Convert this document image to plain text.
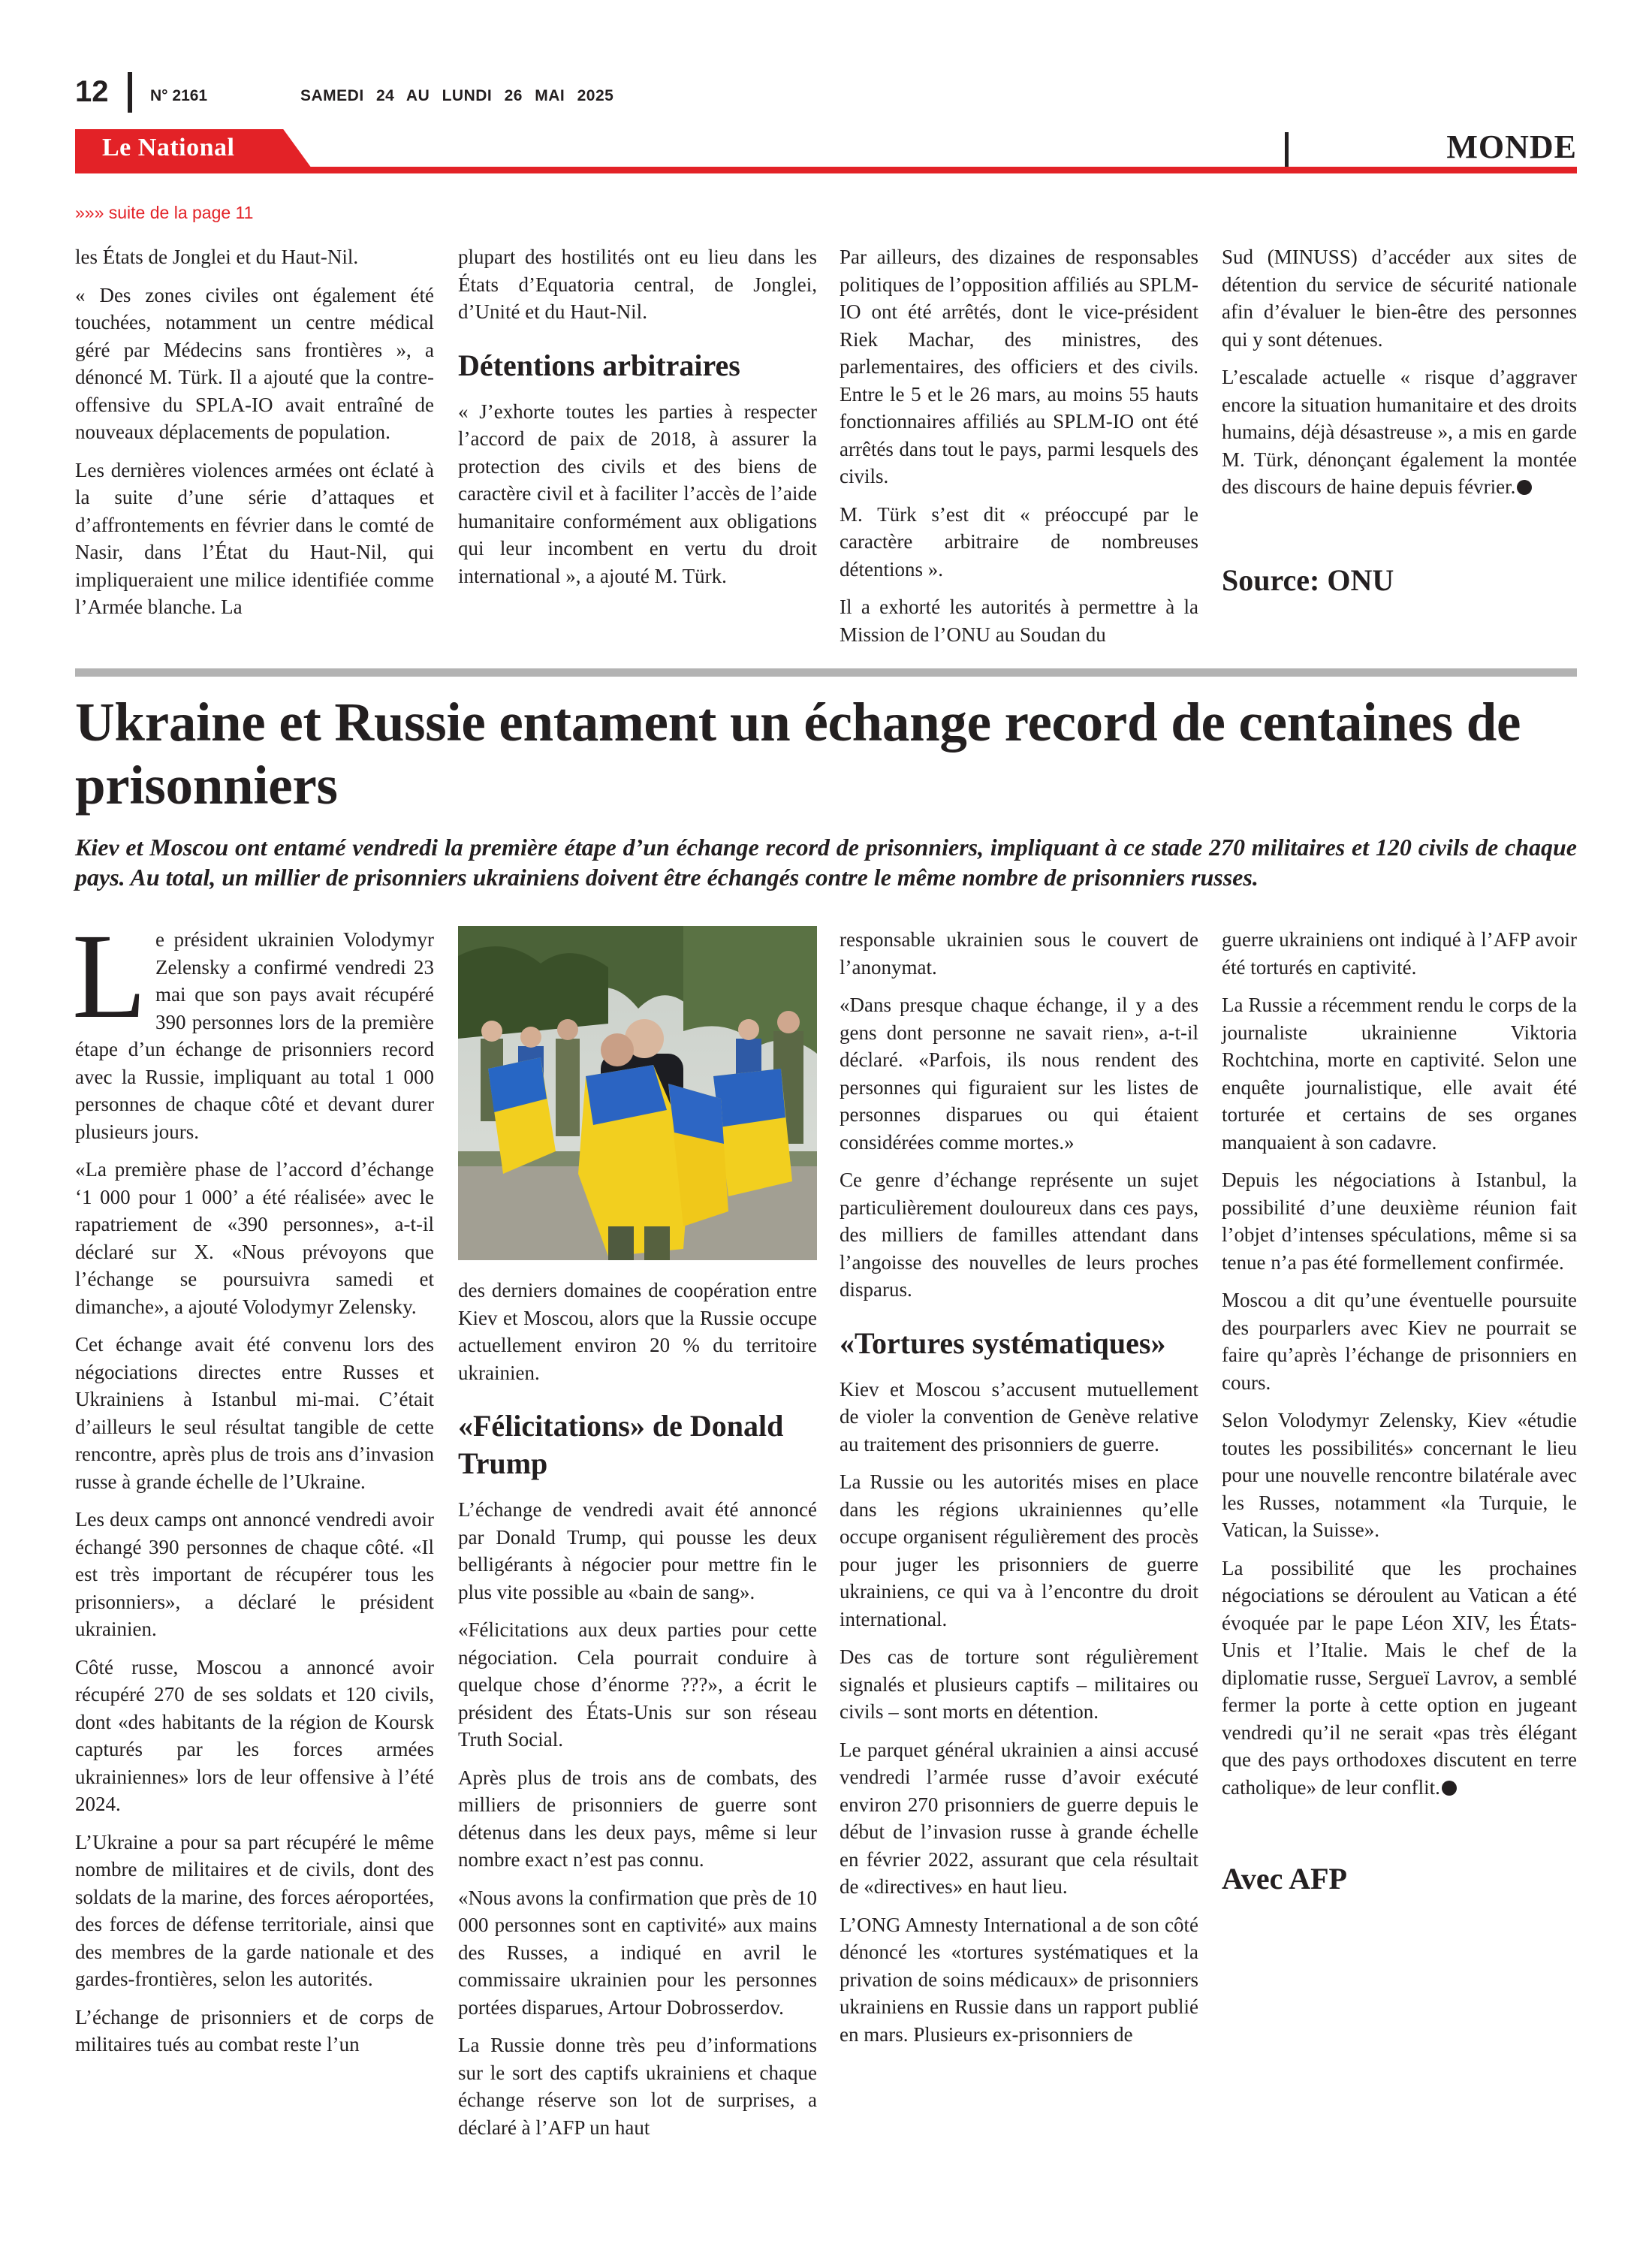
12	N° 2161	SAMEDI 24 AU LUNDI 26 MAI 2025
Le National	MONDE
»»» suite de la page 11

les États de Jonglei et du Haut-Nil.

« Des zones civiles ont également été touchées, notamment un centre médical géré par Médecins sans frontières », a dénoncé M. Türk. Il a ajouté que la contre-offensive du SPLA-IO avait entraîné de nouveaux déplacements de population.

Les dernières violences armées ont éclaté à la suite d’une série d’attaques et d’affrontements en février dans le comté de Nasir, dans l’État du Haut-Nil, qui impliqueraient une milice identifiée comme l’Armée blanche. La

plupart des hostilités ont eu lieu dans les États d’Equatoria central, de Jonglei, d’Unité et du Haut-Nil.

Détentions arbitraires

« J’exhorte toutes les parties à respecter l’accord de paix de 2018, à assurer la protection des civils et des biens de caractère civil et à faciliter l’accès de l’aide humanitaire conformément aux obligations qui leur incombent en vertu du droit international », a ajouté M. Türk.

Par ailleurs, des dizaines de responsables politiques de l’opposition affiliés au SPLM-IO ont été arrêtés, dont le vice-président Riek Machar, des ministres, des parlementaires, des officiers et des civils. Entre le 5 et le 26 mars, au moins 55 hauts fonctionnaires affiliés au SPLM-IO ont été arrêtés dans tout le pays, parmi lesquels des civils.

M. Türk s’est dit « préoccupé par le caractère arbitraire de nombreuses détentions ».

Il a exhorté les autorités à permettre à la Mission de l’ONU au Soudan du

Sud (MINUSS) d’accéder aux sites de détention du service de sécurité nationale afin d’évaluer le bien-être des personnes qui y sont détenues.

L’escalade actuelle « risque d’aggraver encore la situation humanitaire et des droits humains, déjà désastreuse », a mis en garde M. Türk, dénonçant également la montée des discours de haine depuis février.

Source: ONU
Ukraine et Russie entament un échange record de centaines de prisonniers
Kiev et Moscou ont entamé vendredi la première étape d’un échange record de prisonniers, impliquant à ce stade 270 militaires et 120 civils de chaque pays. Au total, un millier de prisonniers ukrainiens doivent être échangés contre le même nombre de prisonniers russes.

Le président ukrainien Volodymyr Zelensky a confirmé vendredi 23 mai que son pays avait récupéré 390 personnes lors de la première étape d’un échange de prisonniers record avec la Russie, impliquant au total 1 000 personnes de chaque côté et devant durer plusieurs jours.

«La première phase de l’accord d’échange ‘1 000 pour 1 000’ a été réalisée» avec le rapatriement de «390 personnes», a-t-il déclaré sur X. «Nous prévoyons que l’échange se poursuivra samedi et dimanche», a ajouté Volodymyr Zelensky.

Cet échange avait été convenu lors des négociations directes entre Russes et Ukrainiens à Istanbul mi-mai. C’était d’ailleurs le seul résultat tangible de cette rencontre, après plus de trois ans d’invasion russe à grande échelle de l’Ukraine.

Les deux camps ont annoncé vendredi avoir échangé 390 personnes de chaque côté. «Il est très important de récupérer tous les prisonniers», a déclaré le président ukrainien.

Côté russe, Moscou a annoncé avoir récupéré 270 de ses soldats et 120 civils, dont «des habitants de la région de Koursk capturés par les forces armées ukrainiennes» lors de leur offensive à l’été 2024.

L’Ukraine a pour sa part récupéré le même nombre de militaires et de civils, dont des soldats de la marine, des forces aéroportées, des forces de défense territoriale, ainsi que des membres de la garde nationale et des gardes-frontières, selon les autorités.

L’échange de prisonniers et de corps de militaires tués au combat reste l’un

des derniers domaines de coopération entre Kiev et Moscou, alors que la Russie occupe actuellement environ 20 % du territoire ukrainien.

«Félicitations» de Donald Trump

L’échange de vendredi avait été annoncé par Donald Trump, qui pousse les deux belligérants à négocier pour mettre fin le plus vite possible au «bain de sang».

«Félicitations aux deux parties pour cette négociation. Cela pourrait conduire à quelque chose d’énorme ???», a écrit le président des États-Unis sur son réseau Truth Social.

Après plus de trois ans de combats, des milliers de prisonniers de guerre sont détenus dans les deux pays, même si leur nombre exact n’est pas connu.

«Nous avons la confirmation que près de 10 000 personnes sont en captivité» aux mains des Russes, a indiqué en avril le commissaire ukrainien pour les personnes portées disparues, Artour Dobrosserdov.

La Russie donne très peu d’informations sur le sort des captifs ukrainiens et chaque échange réserve son lot de surprises, a déclaré à l’AFP un haut

responsable ukrainien sous le couvert de l’anonymat.

«Dans presque chaque échange, il y a des gens dont personne ne savait rien», a-t-il déclaré. «Parfois, ils nous rendent des personnes qui figuraient sur les listes de personnes disparues ou qui étaient considérées comme mortes.»

Ce genre d’échange représente un sujet particulièrement douloureux dans ces pays, des milliers de familles attendant dans l’angoisse des nouvelles de leurs proches disparus.

«Tortures systématiques»

Kiev et Moscou s’accusent mutuellement de violer la convention de Genève relative au traitement des prisonniers de guerre.

La Russie ou les autorités mises en place dans les régions ukrainiennes qu’elle occupe organisent régulièrement des procès pour juger les prisonniers de guerre ukrainiens, ce qui va à l’encontre du droit international.

Des cas de torture sont régulièrement signalés et plusieurs captifs – militaires ou civils – sont morts en détention.

Le parquet général ukrainien a ainsi accusé vendredi l’armée russe d’avoir exécuté environ 270 prisonniers de guerre depuis le début de l’invasion russe à grande échelle en février 2022, assurant que cela résultait de «directives» en haut lieu.

L’ONG Amnesty International a de son côté dénoncé les «tortures systématiques et la privation de soins médicaux» de prisonniers ukrainiens en Russie dans un rapport publié en mars. Plusieurs ex-prisonniers de

guerre ukrainiens ont indiqué à l’AFP avoir été torturés en captivité.

La Russie a récemment rendu le corps de la journaliste ukrainienne Viktoria Rochtchina, morte en captivité. Selon une enquête journalistique, elle avait été torturée et certains de ses organes manquaient à son cadavre.

Depuis les négociations à Istanbul, la possibilité d’une deuxième réunion fait l’objet d’intenses spéculations, même si sa tenue n’a pas été formellement confirmée.

Moscou a dit qu’une éventuelle poursuite des pourparlers avec Kiev ne pourrait se faire qu’après l’échange de prisonniers en cours.

Selon Volodymyr Zelensky, Kiev «étudie toutes les possibilités» concernant le lieu pour une nouvelle rencontre bilatérale avec les Russes, notamment «la Turquie, le Vatican, la Suisse».

La possibilité que les prochaines négociations se déroulent au Vatican a été évoquée par le pape Léon XIV, les États-Unis et l’Italie. Mais le chef de la diplomatie russe, Sergueï Lavrov, a semblé fermer la porte à cette option en jugeant vendredi qu’il ne serait «pas très élégant que des pays orthodoxes discutent en terre catholique» de leur conflit.

Avec AFP
